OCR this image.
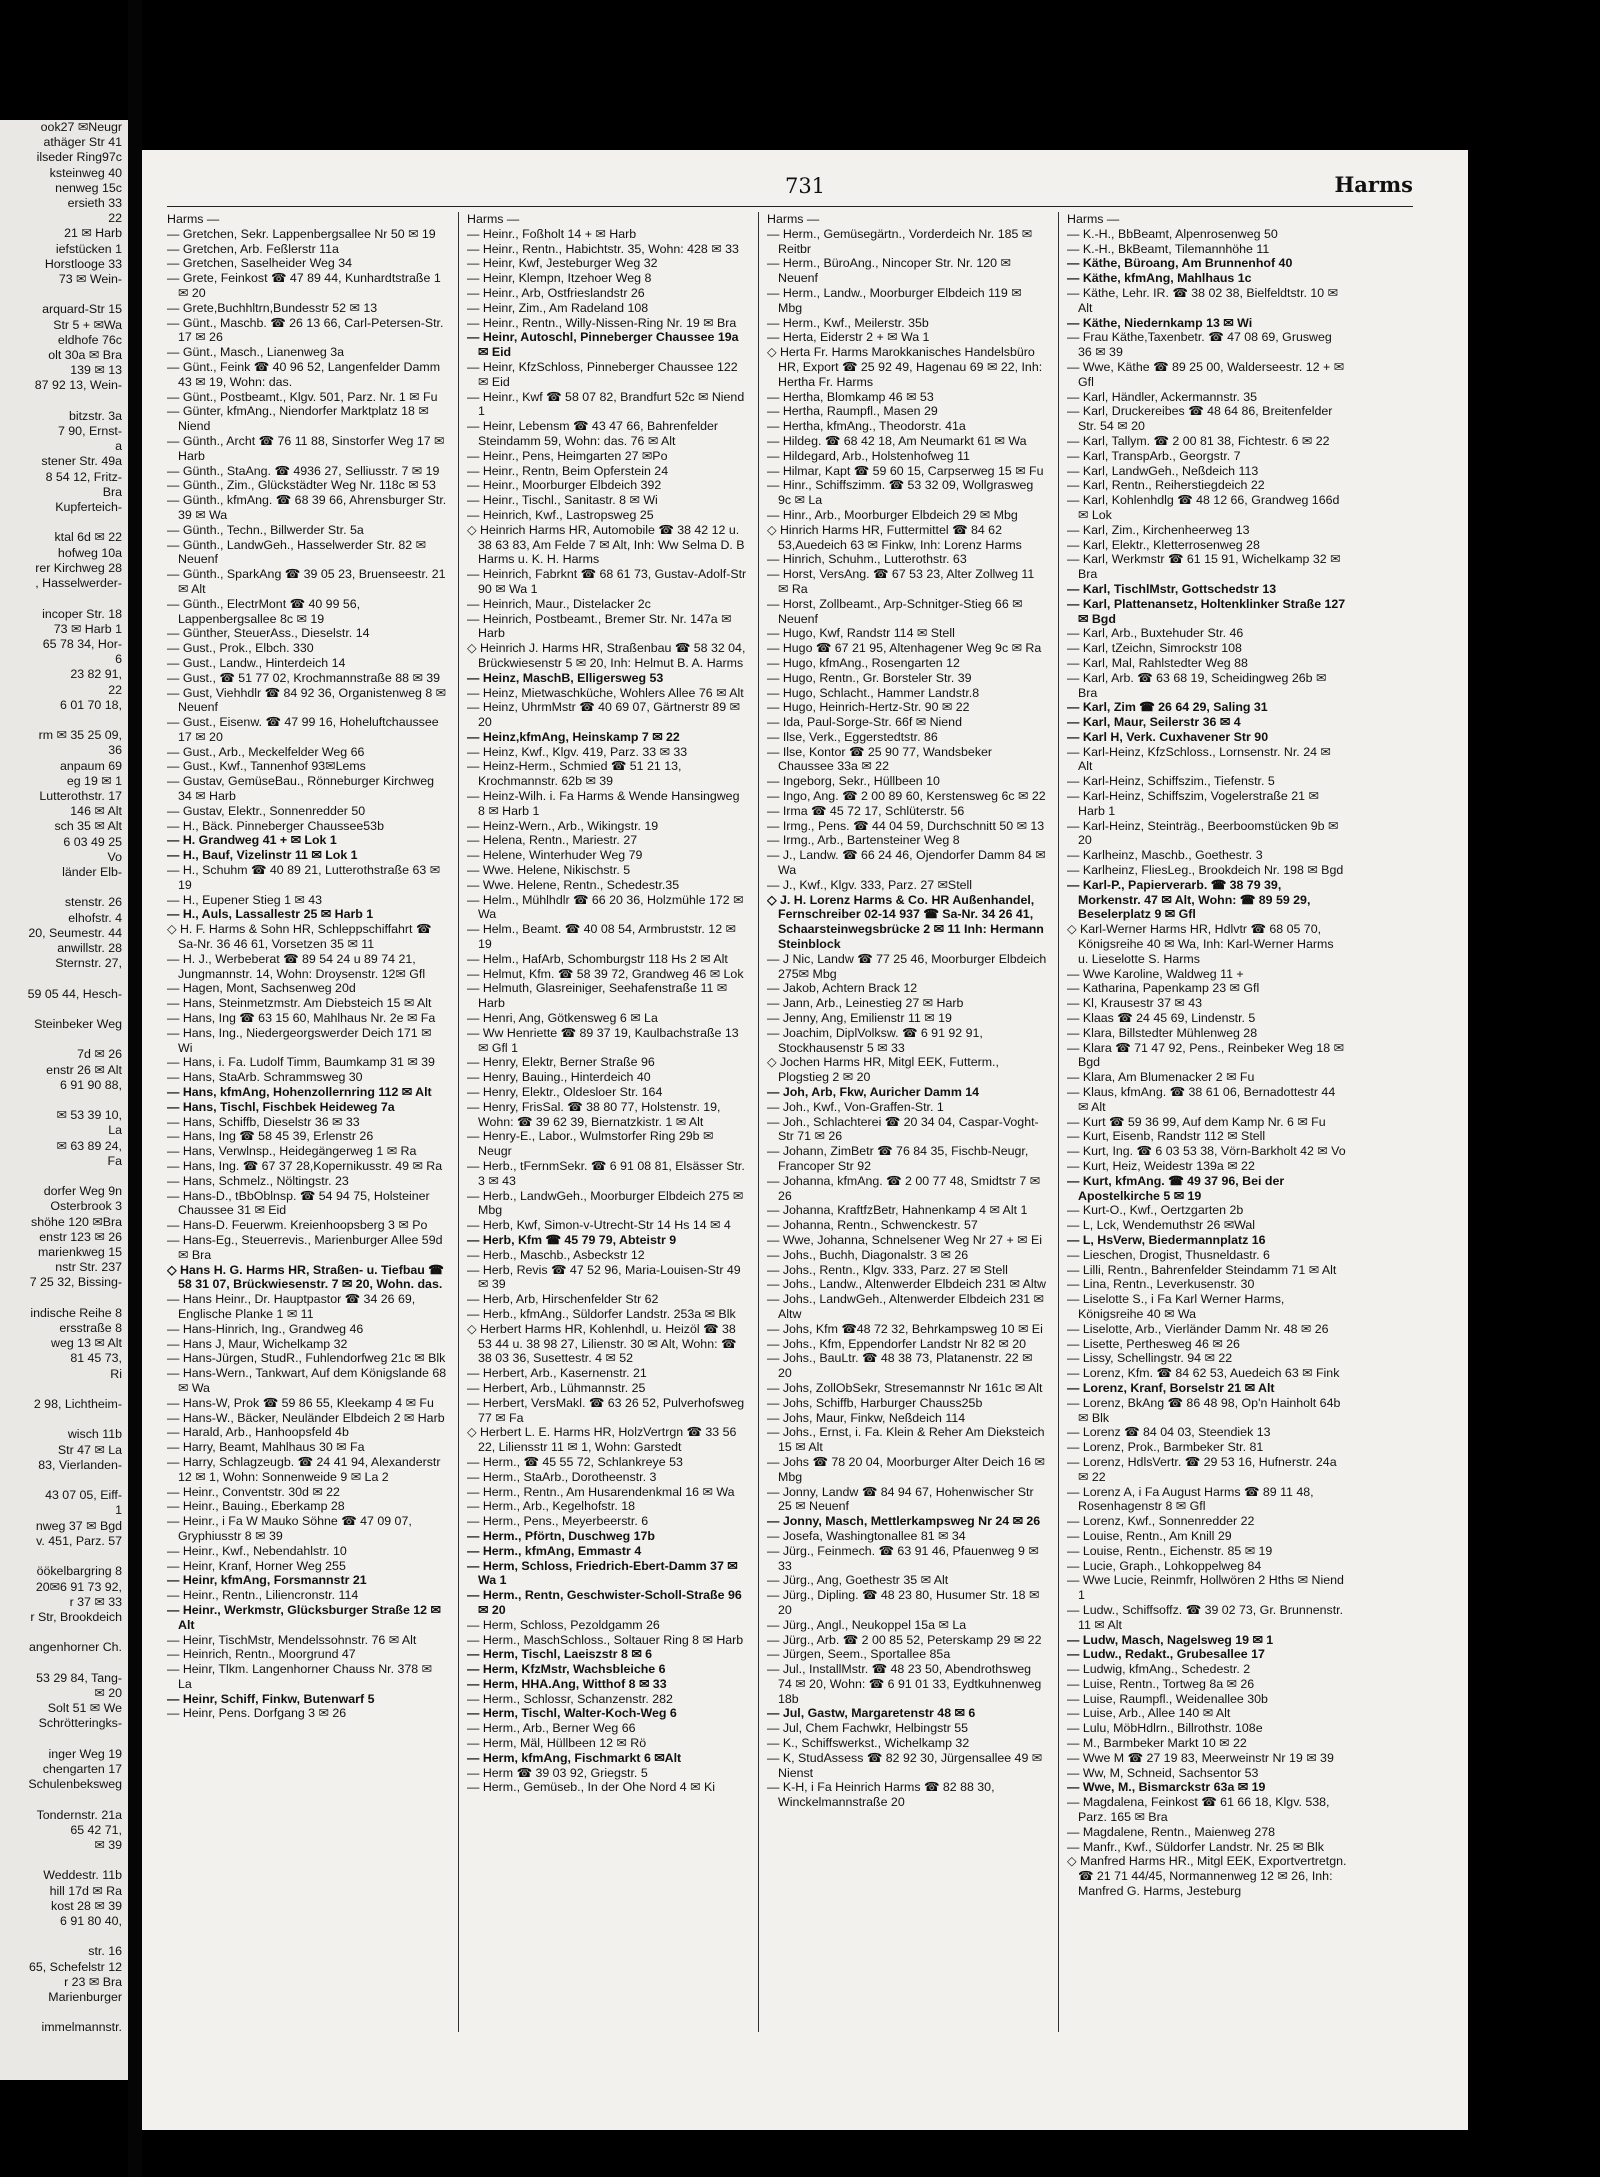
ook27 ✉Neugr
athäger Str 41
ilseder Ring97c
ksteinweg 40
nenweg 15c
ersieth 33
22
21 ✉ Harb
iefstücken 1
Horstlooge 33
73 ✉ Wein-

arquard-Str 15
Str 5 + ✉Wa
eldhofe 76c
olt 30a ✉ Bra
139 ✉ 13
87 92 13, Wein-

bitzstr. 3a
7 90, Ernst-
a
stener Str. 49a
8 54 12, Fritz-
Bra
Kupferteich-

ktal 6d ✉ 22
hofweg 10a
rer Kirchweg 28
, Hasselwerder-

incoper Str. 18
73 ✉ Harb 1
65 78 34, Hor-
6
23 82 91,
22
6 01 70 18,

rm ✉ 35 25 09,
36
anpaum 69
eg 19 ✉ 1
Lutterothstr. 17
146 ✉ Alt
sch 35 ✉ Alt
6 03 49 25
Vo
länder Elb-

stenstr. 26
elhofstr. 4
20, Seumestr. 44
anwillstr. 28
Sternstr. 27,

59 05 44, Hesch-

Steinbeker Weg

7d ✉ 26
enstr 26 ✉ Alt
6 91 90 88,

✉ 53 39 10,
La
✉ 63 89 24,
Fa

dorfer Weg 9n
Osterbrook 3
shöhe 120 ✉Bra
enstr 123 ✉ 26
marienkweg 15
nstr Str. 237
7 25 32, Bissing-

indische Reihe 8
ersstraße 8
weg 13 ✉ Alt
81 45 73,
Ri

2 98, Lichtheim-

wisch 11b
Str 47 ✉ La
83, Vierlanden-

43 07 05, Eiff-
1
nweg 37 ✉ Bgd
v. 451, Parz. 57

öökelbargring 8
20✉6 91 73 92,
r 37 ✉ 33
r Str, Brookdeich

angenhorner Ch.

53 29 84, Tang-
✉ 20
Solt 51 ✉ We
Schrötteringks-

inger Weg 19
chengarten 17
Schulenbeksweg

Tondernstr. 21a
65 42 71,
✉ 39

Weddestr. 11b
hill 17d ✉ Ra
kost 28 ✉ 39
6 91 80 40,

str. 16
65, Schefelstr 12
r 23 ✉ Bra
Marienburger

immelmannstr.
731	Harms

Harms —

— Gretchen, Sekr. Lappenbergsallee Nr 50 ✉ 19

— Gretchen, Arb. Feßlerstr 11a

— Gretchen, Saselheider Weg 34

— Grete, Feinkost ☎ 47 89 44, Kunhardtstraße 1 ✉ 20

— Grete,Buchhltrn,Bundesstr 52 ✉ 13

— Günt., Maschb. ☎ 26 13 66, Carl-Petersen-Str. 17 ✉ 26

— Günt., Masch., Lianenweg 3a

— Günt., Feink ☎ 40 96 52, Langenfelder Damm 43 ✉ 19, Wohn: das.

— Günt., Postbeamt., Klgv. 501, Parz. Nr. 1 ✉ Fu

— Günter, kfmAng., Niendorfer Marktplatz 18 ✉ Niend

— Günth., Archt ☎ 76 11 88, Sinstorfer Weg 17 ✉ Harb

— Günth., StaAng. ☎ 4936 27, Selliusstr. 7 ✉ 19

— Günth., Zim., Glückstädter Weg Nr. 118c ✉ 53

— Günth., kfmAng. ☎ 68 39 66, Ahrensburger Str. 39 ✉ Wa

— Günth., Techn., Billwerder Str. 5a

— Günth., LandwGeh., Hasselwerder Str. 82 ✉ Neuenf

— Günth., SparkAng ☎ 39 05 23, Bruenseestr. 21 ✉ Alt

— Günth., ElectrMont ☎ 40 99 56, Lappenbergsallee 8c ✉ 19

— Günther, SteuerAss., Dieselstr. 14

— Gust., Prok., Elbch. 330

— Gust., Landw., Hinterdeich 14

— Gust., ☎ 51 77 02, Krochmannstraße 88 ✉ 39

— Gust, Viehhdlr ☎ 84 92 36, Organistenweg 8 ✉ Neuenf

— Gust., Eisenw. ☎ 47 99 16, Hoheluftchaussee 17 ✉ 20

— Gust., Arb., Meckelfelder Weg 66

— Gust., Kwf., Tannenhof 93✉Lems

— Gustav, GemüseBau., Rönneburger Kirchweg 34 ✉ Harb

— Gustav, Elektr., Sonnenredder 50

— H., Bäck. Pinneberger Chaussee53b

— H. Grandweg 41 + ✉ Lok 1

— H., Bauf, Vizelinstr 11 ✉ Lok 1

— H., Schuhm ☎ 40 89 21, Lutterothstraße 63 ✉ 19

— H., Eupener Stieg 1 ✉ 43

— H., Auls, Lassallestr 25 ✉ Harb 1

◇ H. F. Harms & Sohn HR, Schleppschiffahrt ☎ Sa-Nr. 36 46 61, Vorsetzen 35 ✉ 11

— H. J., Werbeberat ☎ 89 54 24 u 89 74 21, Jungmannstr. 14, Wohn: Droysenstr. 12✉ Gfl

— Hagen, Mont, Sachsenweg 20d

— Hans, Steinmetzmstr. Am Diebsteich 15 ✉ Alt

— Hans, Ing ☎ 63 15 60, Mahlhaus Nr. 2e ✉ Fa

— Hans, Ing., Niedergeorgswerder Deich 171 ✉ Wi

— Hans, i. Fa. Ludolf Timm, Baumkamp 31 ✉ 39

— Hans, StaArb. Schrammsweg 30

— Hans, kfmAng, Hohenzollernring 112 ✉ Alt

— Hans, Tischl, Fischbek Heideweg 7a

— Hans, Schiffb, Dieselstr 36 ✉ 33

— Hans, Ing ☎ 58 45 39, Erlenstr 26

— Hans, Verwlnsp., Heidegängerweg 1 ✉ Ra

— Hans, Ing. ☎ 67 37 28,Kopernikusstr. 49 ✉ Ra

— Hans, Schmelz., Nöltingstr. 23

— Hans-D., tBbOblnsp. ☎ 54 94 75, Holsteiner Chaussee 31 ✉ Eid

— Hans-D. Feuerwm. Kreienhoopsberg 3 ✉ Po

— Hans-Eg., Steuerrevis., Marienburger Allee 59d ✉ Bra

◇ Hans H. G. Harms HR, Straßen- u. Tiefbau ☎ 58 31 07, Brückwiesenstr. 7 ✉ 20, Wohn. das.

— Hans Heinr., Dr. Hauptpastor ☎ 34 26 69, Englische Planke 1 ✉ 11

— Hans-Hinrich, Ing., Grandweg 46

— Hans J, Maur, Wichelkamp 32

— Hans-Jürgen, StudR., Fuhlendorfweg 21c ✉ Blk

— Hans-Wern., Tankwart, Auf dem Königslande 68 ✉ Wa

— Hans-W, Prok ☎ 59 86 55, Kleekamp 4 ✉ Fu

— Hans-W., Bäcker, Neuländer Elbdeich 2 ✉ Harb

— Harald, Arb., Hanhoopsfeld 4b

— Harry, Beamt, Mahlhaus 30 ✉ Fa

— Harry, Schlagzeugb. ☎ 24 41 94, Alexanderstr 12 ✉ 1, Wohn: Sonnenweide 9 ✉ La 2

— Heinr., Conventstr. 30d ✉ 22

— Heinr., Bauing., Eberkamp 28

— Heinr., i Fa W Mauko Söhne ☎ 47 09 07, Gryphiusstr 8 ✉ 39

— Heinr., Kwf., Nebendahlstr. 10

— Heinr, Kranf, Horner Weg 255

— Heinr, kfmAng, Forsmannstr 21

— Heinr., Rentn., Liliencronstr. 114

— Heinr., Werkmstr, Glücksburger Straße 12 ✉ Alt

— Heinr, TischMstr, Mendelssohnstr. 76 ✉ Alt

— Heinrich, Rentn., Moorgrund 47

— Heinr, Tlkm. Langenhorner Chauss Nr. 378 ✉ La

— Heinr, Schiff, Finkw, Butenwarf 5

— Heinr, Pens. Dorfgang 3 ✉ 26

Harms —

— Heinr., Foßholt 14 + ✉ Harb

— Heinr., Rentn., Habichtstr. 35, Wohn: 428 ✉ 33

— Heinr, Kwf, Jesteburger Weg 32

— Heinr, Klempn, Itzehoer Weg 8

— Heinr., Arb, Ostfrieslandstr 26

— Heinr, Zim., Am Radeland 108

— Heinr., Rentn., Willy-Nissen-Ring Nr. 19 ✉ Bra

— Heinr, Autoschl, Pinneberger Chaussee 19a ✉ Eid

— Heinr, KfzSchloss, Pinneberger Chaussee 122 ✉ Eid

— Heinr., Kwf ☎ 58 07 82, Brandfurt 52c ✉ Niend 1

— Heinr, Lebensm ☎ 43 47 66, Bahrenfelder Steindamm 59, Wohn: das. 76 ✉ Alt

— Heinr., Pens, Heimgarten 27 ✉Po

— Heinr., Rentn, Beim Opferstein 24

— Heinr., Moorburger Elbdeich 392

— Heinr., Tischl., Sanitastr. 8 ✉ Wi

— Heinrich, Kwf., Lastropsweg 25

◇ Heinrich Harms HR, Automobile ☎ 38 42 12 u. 38 63 83, Am Felde 7 ✉ Alt, Inh: Ww Selma D. B Harms u. K. H. Harms

— Heinrich, Fabrknt ☎ 68 61 73, Gustav-Adolf-Str 90 ✉ Wa 1

— Heinrich, Maur., Distelacker 2c

— Heinrich, Postbeamt., Bremer Str. Nr. 147a ✉ Harb

◇ Heinrich J. Harms HR, Straßenbau ☎ 58 32 04, Brückwiesenstr 5 ✉ 20, Inh: Helmut B. A. Harms

— Heinz, MaschB, Elligersweg 53

— Heinz, Mietwaschküche, Wohlers Allee 76 ✉ Alt

— Heinz, UhrmMstr ☎ 40 69 07, Gärtnerstr 89 ✉ 20

— Heinz,kfmAng, Heinskamp 7 ✉ 22

— Heinz, Kwf., Klgv. 419, Parz. 33 ✉ 33

— Heinz-Herm., Schmied ☎ 51 21 13, Krochmannstr. 62b ✉ 39

— Heinz-Wilh. i. Fa Harms & Wende Hansingweg 8 ✉ Harb 1

— Heinz-Wern., Arb., Wikingstr. 19

— Helena, Rentn., Mariestr. 27

— Helene, Winterhuder Weg 79

— Wwe. Helene, Nikischstr. 5

— Wwe. Helene, Rentn., Schedestr.35

— Helm., Mühlhdlr ☎ 66 20 36, Holzmühle 172 ✉ Wa

— Helm., Beamt. ☎ 40 08 54, Armbruststr. 12 ✉ 19

— Helm., HafArb, Schomburgstr 118 Hs 2 ✉ Alt

— Helmut, Kfm. ☎ 58 39 72, Grandweg 46 ✉ Lok

— Helmuth, Glasreiniger, Seehafenstraße 11 ✉ Harb

— Henri, Ang, Götkensweg 6 ✉ La

— Ww Henriette ☎ 89 37 19, Kaulbachstraße 13 ✉ Gfl 1

— Henry, Elektr, Berner Straße 96

— Henry, Bauing., Hinterdeich 40

— Henry, Elektr., Oldesloer Str. 164

— Henry, FrisSal. ☎ 38 80 77, Holstenstr. 19, Wohn: ☎ 39 62 39, Biernatzkistr. 1 ✉ Alt

— Henry-E., Labor., Wulmstorfer Ring 29b ✉ Neugr

— Herb., tFernmSekr. ☎ 6 91 08 81, Elsässer Str. 3 ✉ 43

— Herb., LandwGeh., Moorburger Elbdeich 275 ✉ Mbg

— Herb, Kwf, Simon-v-Utrecht-Str 14 Hs 14 ✉ 4

— Herb, Kfm ☎ 45 79 79, Abteistr 9

— Herb., Maschb., Asbeckstr 12

— Herb, Revis ☎ 47 52 96, Maria-Louisen-Str 49 ✉ 39

— Herb, Arb, Hirschenfelder Str 62

— Herb., kfmAng., Süldorfer Landstr. 253a ✉ Blk

◇ Herbert Harms HR, Kohlenhdl, u. Heizöl ☎ 38 53 44 u. 38 98 27, Lilienstr. 30 ✉ Alt, Wohn: ☎ 38 03 36, Susettestr. 4 ✉ 52

— Herbert, Arb., Kasernenstr. 21

— Herbert, Arb., Lühmannstr. 25

— Herbert, VersMakl. ☎ 63 26 52, Pulverhofsweg 77 ✉ Fa

◇ Herbert L. E. Harms HR, HolzVertrgn ☎ 33 56 22, Liliensstr 11 ✉ 1, Wohn: Garstedt

— Herm., ☎ 45 55 72, Schlankreye 53

— Herm., StaArb., Dorotheenstr. 3

— Herm., Rentn., Am Husarendenkmal 16 ✉ Wa

— Herm., Arb., Kegelhofstr. 18

— Herm., Pens., Meyerbeerstr. 6

— Herm., Pförtn, Duschweg 17b

— Herm., kfmAng, Emmastr 4

— Herm, Schloss, Friedrich-Ebert-Damm 37 ✉ Wa 1

— Herm., Rentn, Geschwister-Scholl-Straße 96 ✉ 20

— Herm, Schloss, Pezoldgamm 26

— Herm., MaschSchloss., Soltauer Ring 8 ✉ Harb

— Herm, Tischl, Laeiszstr 8 ✉ 6

— Herm, KfzMstr, Wachsbleiche 6

— Herm, HHA.Ang, Witthof 8 ✉ 33

— Herm., Schlossr, Schanzenstr. 282

— Herm, Tischl, Walter-Koch-Weg 6

— Herm., Arb., Berner Weg 66

— Herm, Mäl, Hüllbeen 12 ✉ Rö

— Herm, kfmAng, Fischmarkt 6 ✉Alt

— Herm ☎ 39 03 92, Griegstr. 5

— Herm., Gemüseb., In der Ohe Nord 4 ✉ Ki

Harms —

— Herm., Gemüsegärtn., Vorderdeich Nr. 185 ✉ Reitbr

— Herm., BüroAng., Nincoper Str. Nr. 120 ✉ Neuenf

— Herm., Landw., Moorburger Elbdeich 119 ✉ Mbg

— Herm., Kwf., Meilerstr. 35b

— Herta, Eiderstr 2 + ✉ Wa 1

◇ Herta Fr. Harms Marokkanisches Handelsbüro HR, Export ☎ 25 92 49, Hagenau 69 ✉ 22, Inh: Hertha Fr. Harms

— Hertha, Blomkamp 46 ✉ 53

— Hertha, Raumpfl., Masen 29

— Hertha, kfmAng., Theodorstr. 41a

— Hildeg. ☎ 68 42 18, Am Neumarkt 61 ✉ Wa

— Hildegard, Arb., Holstenhofweg 11

— Hilmar, Kapt ☎ 59 60 15, Carpserweg 15 ✉ Fu

— Hinr., Schiffszimm. ☎ 53 32 09, Wollgrasweg 9c ✉ La

— Hinr., Arb., Moorburger Elbdeich 29 ✉ Mbg

◇ Hinrich Harms HR, Futtermittel ☎ 84 62 53,Auedeich 63 ✉ Finkw, Inh: Lorenz Harms

— Hinrich, Schuhm., Lutterothstr. 63

— Horst, VersAng. ☎ 67 53 23, Alter Zollweg 11 ✉ Ra

— Horst, Zollbeamt., Arp-Schnitger-Stieg 66 ✉ Neuenf

— Hugo, Kwf, Randstr 114 ✉ Stell

— Hugo ☎ 67 21 95, Altenhagener Weg 9c ✉ Ra

— Hugo, kfmAng., Rosengarten 12

— Hugo, Rentn., Gr. Borsteler Str. 39

— Hugo, Schlacht., Hammer Landstr.8

— Hugo, Heinrich-Hertz-Str. 90 ✉ 22

— Ida, Paul-Sorge-Str. 66f ✉ Niend

— Ilse, Verk., Eggerstedtstr. 86

— Ilse, Kontor ☎ 25 90 77, Wandsbeker Chaussee 33a ✉ 22

— Ingeborg, Sekr., Hüllbeen 10

— Ingo, Ang. ☎ 2 00 89 60, Kerstensweg 6c ✉ 22

— Irma ☎ 45 72 17, Schlüterstr. 56

— Irmg., Pens. ☎ 44 04 59, Durchschnitt 50 ✉ 13

— Irmg., Arb., Bartensteiner Weg 8

— J., Landw. ☎ 66 24 46, Ojendorfer Damm 84 ✉ Wa

— J., Kwf., Klgv. 333, Parz. 27 ✉Stell

◇ J. H. Lorenz Harms & Co. HR Außenhandel, Fernschreiber 02-14 937 ☎ Sa-Nr. 34 26 41, Schaarsteinwegsbrücke 2 ✉ 11 Inh: Hermann Steinblock

— J Nic, Landw ☎ 77 25 46, Moorburger Elbdeich 275✉ Mbg

— Jakob, Achtern Brack 12

— Jann, Arb., Leinestieg 27 ✉ Harb

— Jenny, Ang, Emilienstr 11 ✉ 19

— Joachim, DiplVolksw. ☎ 6 91 92 91, Stockhausenstr 5 ✉ 33

◇ Jochen Harms HR, Mitgl EEK, Futterm., Plogstieg 2 ✉ 20

— Joh, Arb, Fkw, Auricher Damm 14

— Joh., Kwf., Von-Graffen-Str. 1

— Joh., Schlachterei ☎ 20 34 04, Caspar-Voght-Str 71 ✉ 26

— Johann, ZimBetr ☎ 76 84 35, Fischb-Neugr, Francoper Str 92

— Johanna, kfmAng. ☎ 2 00 77 48, Smidtstr 7 ✉ 26

— Johanna, KraftfzBetr, Hahnenkamp 4 ✉ Alt 1

— Johanna, Rentn., Schwenckestr. 57

— Wwe, Johanna, Schnelsener Weg Nr 27 + ✉ Ei

— Johs., Buchh, Diagonalstr. 3 ✉ 26

— Johs., Rentn., Klgv. 333, Parz. 27 ✉ Stell

— Johs., Landw., Altenwerder Elbdeich 231 ✉ Altw

— Johs., LandwGeh., Altenwerder Elbdeich 231 ✉ Altw

— Johs, Kfm ☎48 72 32, Behrkampsweg 10 ✉ Ei

— Johs., Kfm, Eppendorfer Landstr Nr 82 ✉ 20

— Johs., BauLtr. ☎ 48 38 73, Platanenstr. 22 ✉ 20

— Johs, ZollObSekr, Stresemannstr Nr 161c ✉ Alt

— Johs, Schiffb, Harburger Chauss25b

— Johs, Maur, Finkw, Neßdeich 114

— Johs., Ernst, i. Fa. Klein & Reher Am Dieksteich 15 ✉ Alt

— Johs ☎ 78 20 04, Moorburger Alter Deich 16 ✉Mbg

— Jonny, Landw ☎ 84 94 67, Hohenwischer Str 25 ✉ Neuenf

— Jonny, Masch, Mettlerkampsweg Nr 24 ✉ 26

— Josefa, Washingtonallee 81 ✉ 34

— Jürg., Feinmech. ☎ 63 91 46, Pfauenweg 9 ✉ 33

— Jürg., Ang, Goethestr 35 ✉ Alt

— Jürg., Dipling. ☎ 48 23 80, Husumer Str. 18 ✉ 20

— Jürg., Angl., Neukoppel 15a ✉ La

— Jürg., Arb. ☎ 2 00 85 52, Peterskamp 29 ✉ 22

— Jürgen, Seem., Sportallee 85a

— Jul., InstallMstr. ☎ 48 23 50, Abendrothsweg 74 ✉ 20, Wohn: ☎ 6 91 01 33, Eydtkuhnenweg 18b

— Jul, Gastw, Margaretenstr 48 ✉ 6

— Jul, Chem Fachwkr, Helbingstr 55

— K., Schiffswerkst., Wichelkamp 32

— K, StudAssess ☎ 82 92 30, Jürgensallee 49 ✉ Nienst

— K-H, i Fa Heinrich Harms ☎ 82 88 30, Winckelmannstraße 20

Harms —

— K.-H., BbBeamt, Alpenrosenweg 50

— K.-H., BkBeamt, Tilemannhöhe 11

— Käthe, Büroang, Am Brunnenhof 40

— Käthe, kfmAng, Mahlhaus 1c

— Käthe, Lehr. IR. ☎ 38 02 38, Bielfeldtstr. 10 ✉ Alt

— Käthe, Niedernkamp 13 ✉ Wi

— Frau Käthe,Taxenbetr. ☎ 47 08 69, Grusweg 36 ✉ 39

— Wwe, Käthe ☎ 89 25 00, Walderseestr. 12 + ✉ Gfl

— Karl, Händler, Ackermannstr. 35

— Karl, Druckereibes ☎ 48 64 86, Breitenfelder Str. 54 ✉ 20

— Karl, Tallym. ☎ 2 00 81 38, Fichtestr. 6 ✉ 22

— Karl, TranspArb., Georgstr. 7

— Karl, LandwGeh., Neßdeich 113

— Karl, Rentn., Reiherstiegdeich 22

— Karl, Kohlenhdlg ☎ 48 12 66, Grandweg 166d ✉ Lok

— Karl, Zim., Kirchenheerweg 13

— Karl, Elektr., Kletterrosenweg 28

— Karl, Werkmstr ☎ 61 15 91, Wichelkamp 32 ✉ Bra

— Karl, TischlMstr, Gottschedstr 13

— Karl, Plattenansetz, Holtenklinker Straße 127 ✉ Bgd

— Karl, Arb., Buxtehuder Str. 46

— Karl, tZeichn, Simrockstr 108

— Karl, Mal, Rahlstedter Weg 88

— Karl, Arb. ☎ 63 68 19, Scheidingweg 26b ✉ Bra

— Karl, Zim ☎ 26 64 29, Saling 31

— Karl, Maur, Seilerstr 36 ✉ 4

— Karl H, Verk. Cuxhavener Str 90

— Karl-Heinz, KfzSchloss., Lornsenstr. Nr. 24 ✉ Alt

— Karl-Heinz, Schiffszim., Tiefenstr. 5

— Karl-Heinz, Schiffszim, Vogelerstraße 21 ✉ Harb 1

— Karl-Heinz, Steinträg., Beerboomstücken 9b ✉ 20

— Karlheinz, Maschb., Goethestr. 3

— Karlheinz, FliesLeg., Brookdeich Nr. 198 ✉ Bgd

— Karl-P., Papierverarb. ☎ 38 79 39, Morkenstr. 47 ✉ Alt, Wohn: ☎ 89 59 29, Beselerplatz 9 ✉ Gfl

◇ Karl-Werner Harms HR, Hdlvtr ☎ 68 05 70, Königsreihe 40 ✉ Wa, Inh: Karl-Werner Harms u. Lieselotte S. Harms

— Wwe Karoline, Waldweg 11 +

— Katharina, Papenkamp 23 ✉ Gfl

— Kl, Krausestr 37 ✉ 43

— Klaas ☎ 24 45 69, Lindenstr. 5

— Klara, Billstedter Mühlenweg 28

— Klara ☎ 71 47 92, Pens., Reinbeker Weg 18 ✉ Bgd

— Klara, Am Blumenacker 2 ✉ Fu

— Klaus, kfmAng. ☎ 38 61 06, Bernadottestr 44 ✉ Alt

— Kurt ☎ 59 36 99, Auf dem Kamp Nr. 6 ✉ Fu

— Kurt, Eisenb, Randstr 112 ✉ Stell

— Kurt, Ing. ☎ 6 03 53 38, Vörn-Barkholt 42 ✉ Vo

— Kurt, Heiz, Weidestr 139a ✉ 22

— Kurt, kfmAng. ☎ 49 37 96, Bei der Apostelkirche 5 ✉ 19

— Kurt-O., Kwf., Oertzgarten 2b

— L, Lck, Wendemuthstr 26 ✉Wal

— L, HsVerw, Biedermannplatz 16

— Lieschen, Drogist, Thusneldastr. 6

— Lilli, Rentn., Bahrenfelder Steindamm 71 ✉ Alt

— Lina, Rentn., Leverkusenstr. 30

— Liselotte S., i Fa Karl Werner Harms, Königsreihe 40 ✉ Wa

— Liselotte, Arb., Vierländer Damm Nr. 48 ✉ 26

— Lisette, Perthesweg 46 ✉ 26

— Lissy, Schellingstr. 94 ✉ 22

— Lorenz, Kfm. ☎ 84 62 53, Auedeich 63 ✉ Fink

— Lorenz, Kranf, Borselstr 21 ✉ Alt

— Lorenz, BkAng ☎ 86 48 98, Op'n Hainholt 64b ✉ Blk

— Lorenz ☎ 84 04 03, Steendiek 13

— Lorenz, Prok., Barmbeker Str. 81

— Lorenz, HdlsVertr. ☎ 29 53 16, Hufnerstr. 24a ✉ 22

— Lorenz A, i Fa August Harms ☎ 89 11 48, Rosenhagenstr 8 ✉ Gfl

— Lorenz, Kwf., Sonnenredder 22

— Louise, Rentn., Am Knill 29

— Louise, Rentn., Eichenstr. 85 ✉ 19

— Lucie, Graph., Lohkoppelweg 84

— Wwe Lucie, Reinmfr, Hollwören 2 Hths ✉ Niend 1

— Ludw., Schiffsoffz. ☎ 39 02 73, Gr. Brunnenstr. 11 ✉ Alt

— Ludw, Masch, Nagelsweg 19 ✉ 1

— Ludw., Redakt., Grubesallee 17

— Ludwig, kfmAng., Schedestr. 2

— Luise, Rentn., Tortweg 8a ✉ 26

— Luise, Raumpfl., Weidenallee 30b

— Luise, Arb., Allee 140 ✉ Alt

— Lulu, MöbHdlrn., Billrothstr. 108e

— M., Barmbeker Markt 10 ✉ 22

— Wwe M ☎ 27 19 83, Meerweinstr Nr 19 ✉ 39

— Ww, M, Schneid, Sachsentor 53

— Wwe, M., Bismarckstr 63a ✉ 19

— Magdalena, Feinkost ☎ 61 66 18, Klgv. 538, Parz. 165 ✉ Bra

— Magdalene, Rentn., Maienweg 278

— Manfr., Kwf., Süldorfer Landstr. Nr. 25 ✉ Blk

◇ Manfred Harms HR., Mitgl EEK, Exportvertretgn. ☎ 21 71 44/45, Normannenweg 12 ✉ 26, Inh: Manfred G. Harms, Jesteburg
